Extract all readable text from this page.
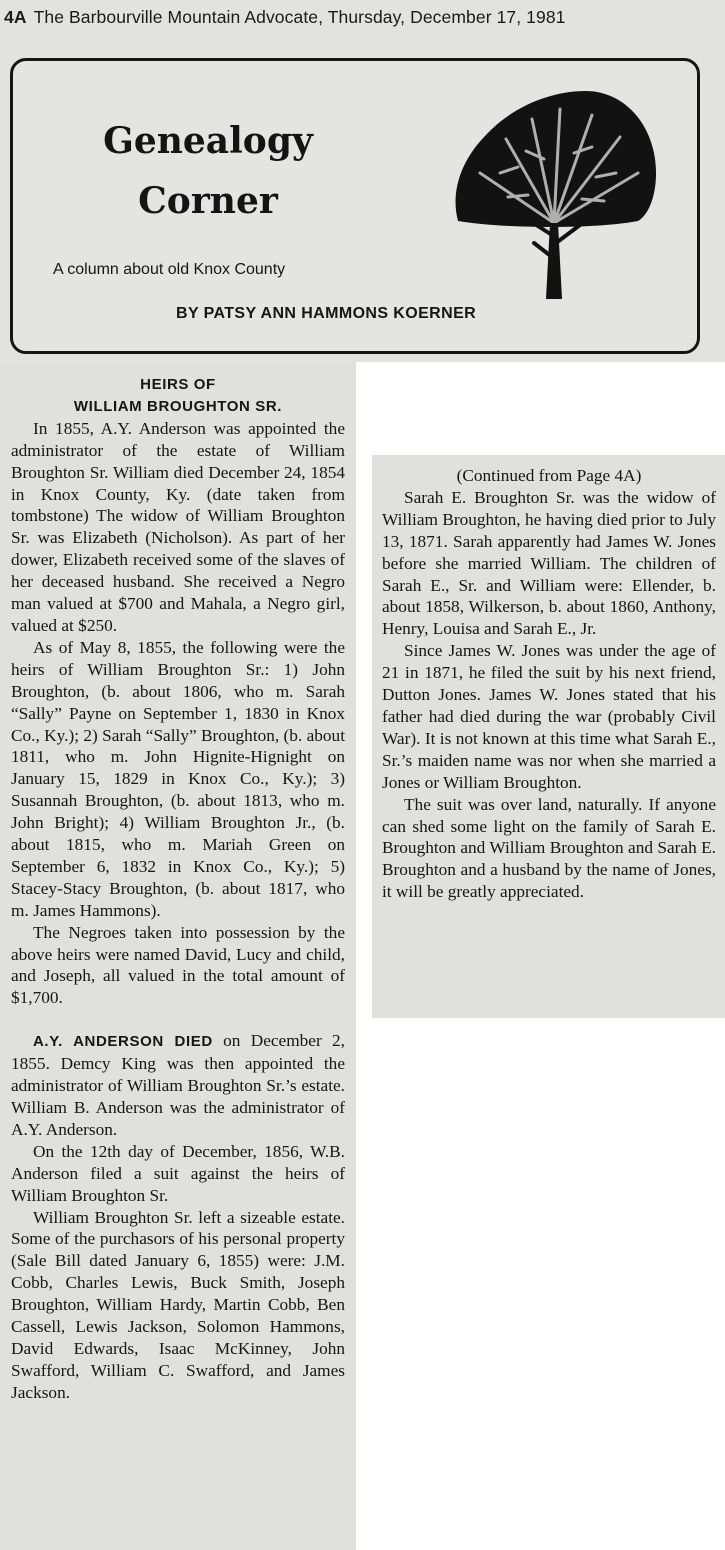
4A The Barbourville Mountain Advocate, Thursday, December 17, 1981
Genealogy
Corner
A column about old Knox County
BY PATSY ANN HAMMONS KOERNER

HEIRS OF

WILLIAM BROUGHTON SR.

In 1855, A.Y. Anderson was appointed the administrator of the estate of William Broughton Sr. William died December 24, 1854 in Knox County, Ky. (date taken from tombstone) The widow of William Broughton Sr. was Elizabeth (Nicholson). As part of her dower, Elizabeth received some of the slaves of her deceased husband. She received a Negro man valued at $700 and Mahala, a Negro girl, valued at $250.

As of May 8, 1855, the following were the heirs of William Broughton Sr.: 1) John Broughton, (b. about 1806, who m. Sarah “Sally” Payne on September 1, 1830 in Knox Co., Ky.); 2) Sarah “Sally” Broughton, (b. about 1811, who m. John Hignite-Hignight on January 15, 1829 in Knox Co., Ky.); 3) Susannah Broughton, (b. about 1813, who m. John Bright); 4) William Broughton Jr., (b. about 1815, who m. Mariah Green on September 6, 1832 in Knox Co., Ky.); 5) Stacey-Stacy Broughton, (b. about 1817, who m. James Hammons).

The Negroes taken into possession by the above heirs were named David, Lucy and child, and Joseph, all valued in the total amount of $1,700.

A.Y. ANDERSON DIED on December 2, 1855. Demcy King was then appointed the administrator of William Broughton Sr.’s estate. William B. Anderson was the administrator of A.Y. Anderson.

On the 12th day of December, 1856, W.B. Anderson filed a suit against the heirs of William Broughton Sr.

William Broughton Sr. left a sizeable estate. Some of the purchasors of his personal property (Sale Bill dated January 6, 1855) were: J.M. Cobb, Charles Lewis, Buck Smith, Joseph Broughton, William Hardy, Martin Cobb, Ben Cassell, Lewis Jackson, Solomon Hammons, David Edwards, Isaac McKinney, John Swafford, William C. Swafford, and James Jackson.

(Continued from Page 4A)

Sarah E. Broughton Sr. was the widow of William Broughton, he having died prior to July 13, 1871. Sarah apparently had James W. Jones before she married William. The children of Sarah E., Sr. and William were: Ellender, b. about 1858, Wilkerson, b. about 1860, Anthony, Henry, Louisa and Sarah E., Jr.

Since James W. Jones was under the age of 21 in 1871, he filed the suit by his next friend, Dutton Jones. James W. Jones stated that his father had died during the war (probably Civil War). It is not known at this time what Sarah E., Sr.’s maiden name was nor when she married a Jones or William Broughton.

The suit was over land, naturally. If anyone can shed some light on the family of Sarah E. Broughton and William Broughton and Sarah E. Broughton and a husband by the name of Jones, it will be greatly appreciated.
